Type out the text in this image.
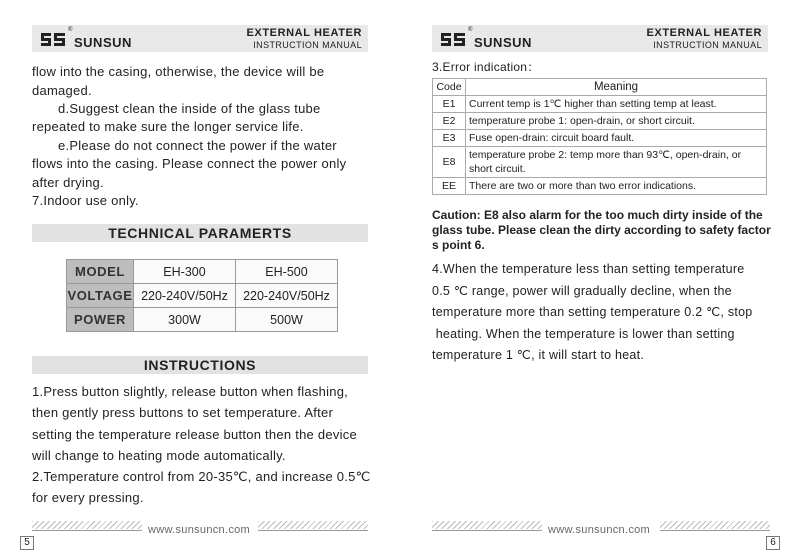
®
SUNSUN
EXTERNAL HEATER
INSTRUCTION MANUAL
flow into the casing, otherwise, the device will be
damaged.
d.Suggest clean the inside of the glass tube
repeated to make sure the longer service life.
e.Please do not connect the power if the water
flows into the casing. Please connect the power only
after drying.
7.Indoor use only.
TECHNICAL PARAMERTS
MODEL	EH-300	EH-500
VOLTAGE	220-240V/50Hz	220-240V/50Hz
POWER	300W	500W
INSTRUCTIONS
1.Press button slightly, release button when flashing,
then gently press buttons to set temperature. After
setting the temperature release button then the device
will change to heating mode automatically.
2.Temperature control from 20-35℃, and increase 0.5℃
for every pressing.
www.sunsuncn.com
5
®
SUNSUN
EXTERNAL HEATER
INSTRUCTION MANUAL
3.Error indication：
Code	Meaning
E1	Current temp is 1℃ higher than setting temp at least.
E2	temperature probe 1: open-drain, or short circuit.
E3	Fuse open-drain: circuit board fault.
E8	temperature probe 2: temp more than 93℃, open-drain, or short circuit.
EE	There are two or more than two error indications.
Caution: E8 also alarm for the too much dirty inside of the glass tube. Please clean the dirty according to safety factor s point 6.
4.When the temperature less than setting temperature
0.5 ℃ range, power will gradually decline, when the
temperature more than setting temperature 0.2 ℃, stop
heating. When the temperature is lower than setting
temperature 1 ℃, it will start to heat.
www.sunsuncn.com
6
